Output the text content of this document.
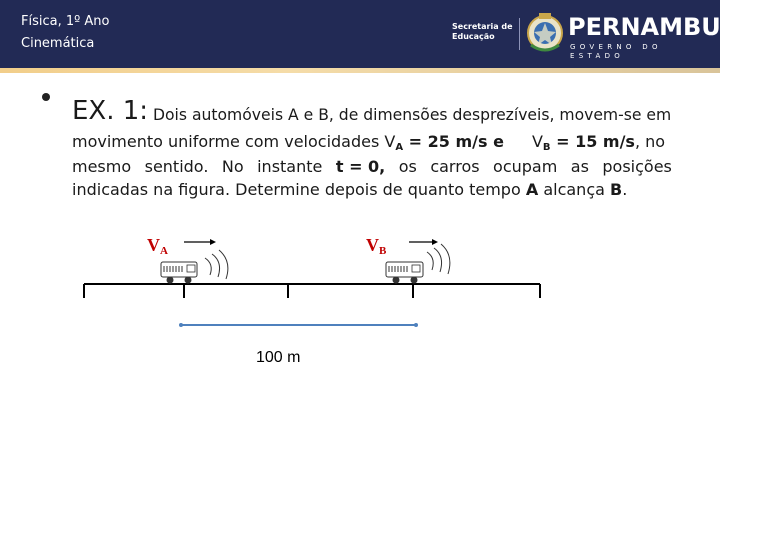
Física, 1º Ano
Cinemática
Secretaria de
Educação	PERNAMBUCO
GOVERNO DO ESTADO
EX. 1: Dois automóveis A e B, de dimensões desprezíveis, movem-se em
movimento uniforme com velocidades $V_A = 25$ m/s e $V_B = 15$ m/s, no
mesmo sentido. No instante t = 0, os carros ocupam as posições
indicadas na figura. Determine depois de quanto tempo A alcança B.
$V_A$	$V_B$
100 m
